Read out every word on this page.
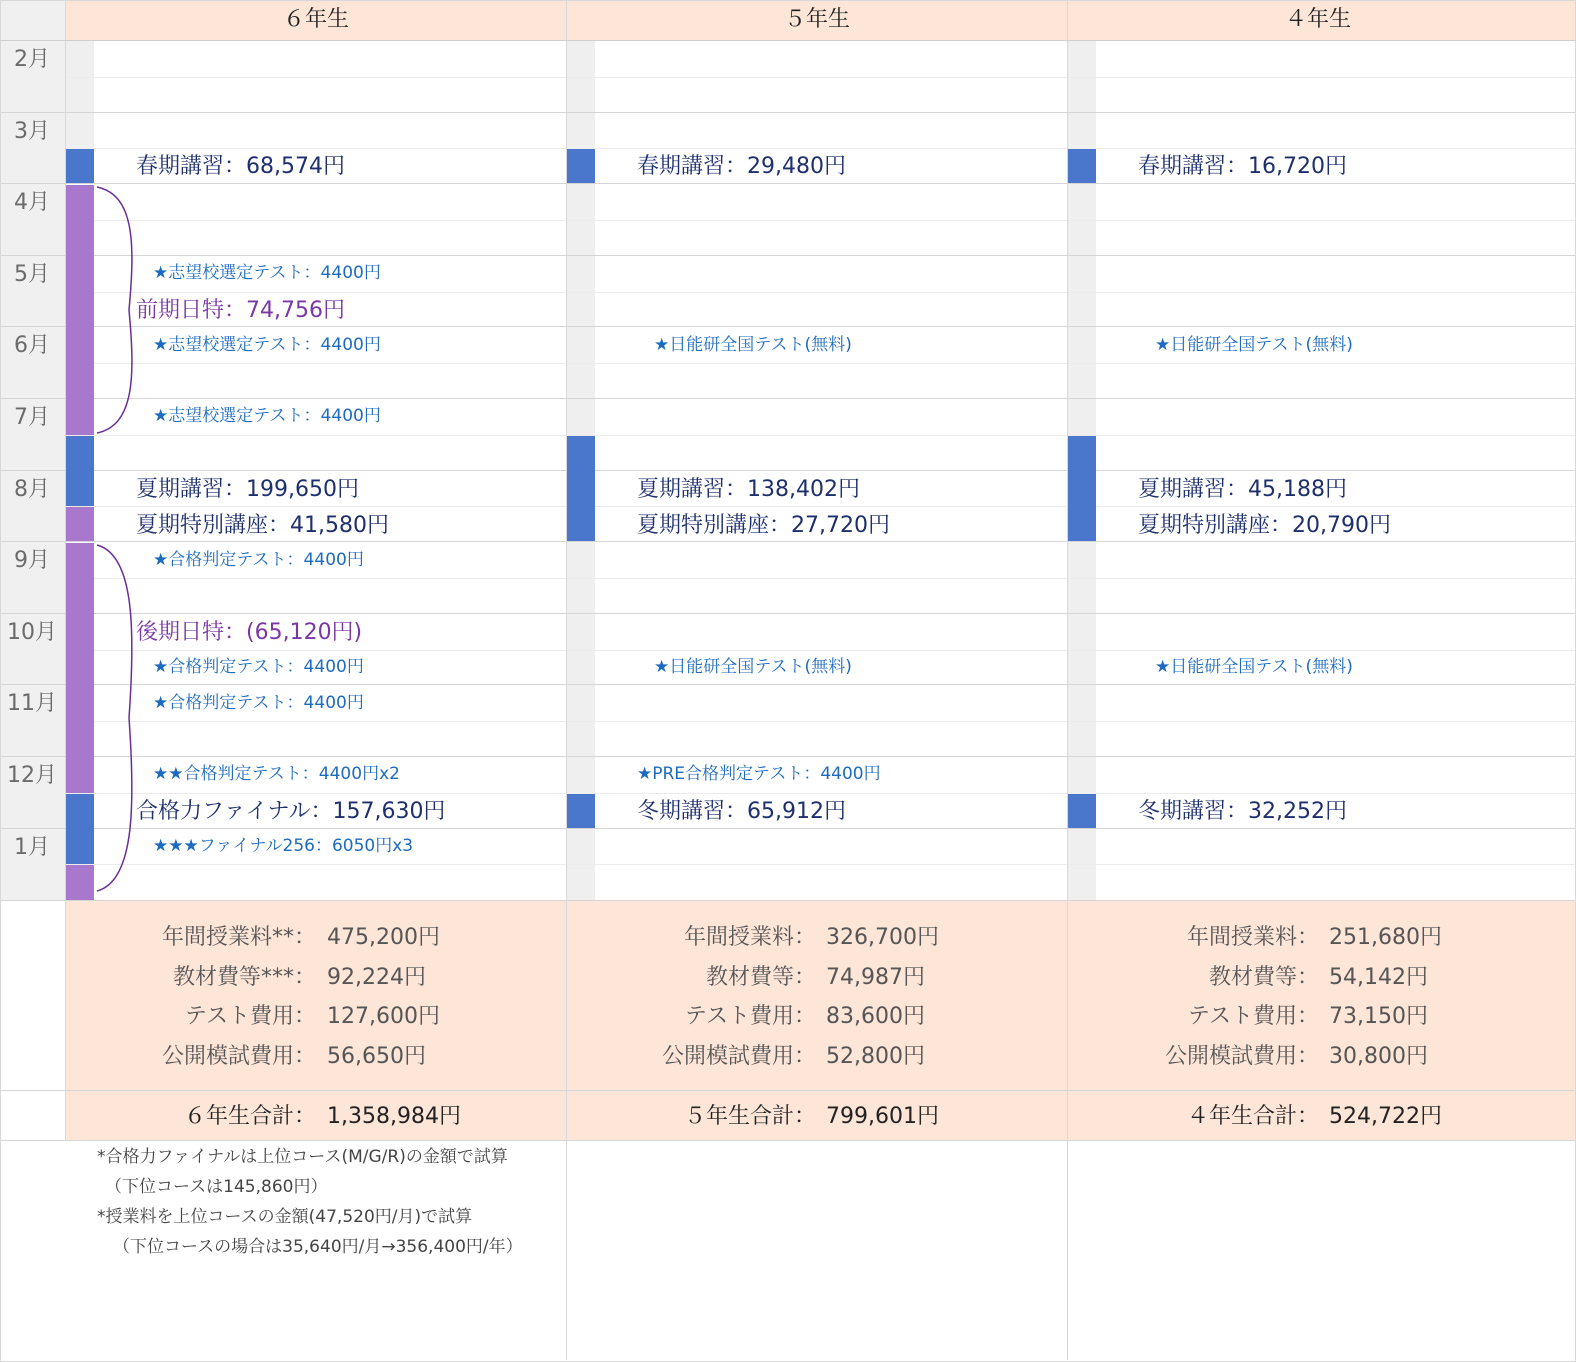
６年生	５年生	４年生
2月
3月
4月
5月
6月
7月
8月
9月
10月
11月
12月
1月
春期講習：68,574円
★志望校選定テスト：4400円
前期日特：74,756円
★志望校選定テスト：4400円
★志望校選定テスト：4400円
夏期講習：199,650円
夏期特別講座：41,580円
★合格判定テスト：4400円
後期日特：(65,120円)
★合格判定テスト：4400円
★合格判定テスト：4400円
★★合格判定テスト：4400円x2
合格力ファイナル：157,630円
★★★ファイナル256：6050円x3
春期講習：29,480円
★日能研全国テスト(無料)
夏期講習：138,402円
夏期特別講座：27,720円
★日能研全国テスト(無料)
★PRE合格判定テスト：4400円
冬期講習：65,912円
春期講習：16,720円
★日能研全国テスト(無料)
夏期講習：45,188円
夏期特別講座：20,790円
★日能研全国テスト(無料)
冬期講習：32,252円
年間授業料**： 475,200円
教材費等***： 92,224円
テスト費用： 127,600円
公開模試費用： 56,650円
６年生合計： 1,358,984円
年間授業料： 326,700円
教材費等： 74,987円
テスト費用： 83,600円
公開模試費用： 52,800円
５年生合計： 799,601円
年間授業料： 251,680円
教材費等： 54,142円
テスト費用： 73,150円
公開模試費用： 30,800円
４年生合計： 524,722円
*合格力ファイナルは上位コース(M/G/R)の金額で試算
（下位コースは145,860円）
*授業料を上位コースの金額(47,520円/月)で試算
（下位コースの場合は35,640円/月→356,400円/年）
